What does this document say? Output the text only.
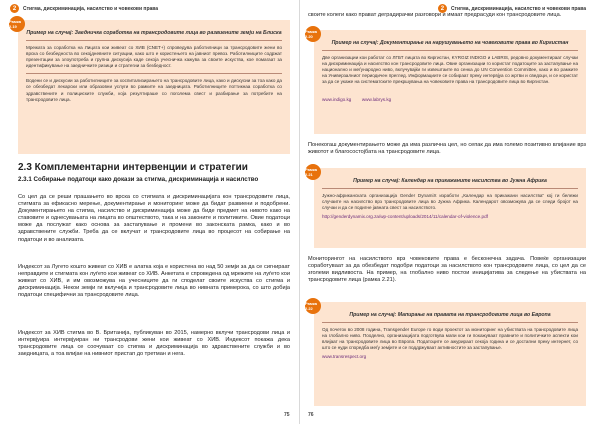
2	Стигма, дискриминација, насилство и човекови права
Рамка 2.19
Пример на случај: Заедничка соработка на трансродовите лица во развиените земји на Блиска
Мрежата за соработка на Лицата кои живеат со ХИВ (CNET+) спроведува работилници за трансродовите жени во врска со безбедноста во секојдневните ситуации, како што е користењето на јавниот превоз. Работилниците содржат презентации за злоупотреба и групна дискусија каде секоја учесничка кажува за своите искуства, кое помагаат за идентификување на заедничките ризици и стратегии за безбедност.
Водени се и дискусии за работилниците за хоспитализирањето на трансродовите лица, како и дискусии за тоа како да се обезбедат лекарски или образовни услуги во рамките на заедницата. Работилниците поттикнаа соработка со здравствените и полициските служби, која резултираше со поголема свест и разбирање за потребите на трансродовите лица.
2.3 Комплементарни интервенции и стратегии
2.3.1 Собирање податоци како докази за стигма, дискриминација и насилство
Со цел да се реши прашањето во врска со стигмата и дискриминацијата кон трансродовите лица, стигмата за ефикасно мерење, документирање и мониторинг може да бидат развиени и подобрени. Документирањето на стигма, насилство и дискриминација може да биде предмет на нивото како на ставовите и однесувањата на лицата во општеството, така и на законите и политиките. Овие податоци може да послужат како основа за застапување и промени во законската рамка, како и во здравствените служби. Треба да се вклучат и трансродовите лица во процесот на собирање на податоци и во анализата.
Индексот за Лугето кошто живеат со ХИВ е алатка која е користена во над 50 земји за да се сигнираат неправдите и стигмата кон луѓето кои живеат со ХИВ. Анкетата е спроведена од мрежите на луѓето кои живеат со ХИВ, и им овозможува на учесниците да ги споделат своите искуства со стигма и дискриминација. Некои земји ги вклучија и трансродовите лица во нивната примерока, со што добија податоци специфични за трансродовите лица.
Индексот за ХИВ стигма во В. Британија, публикуван во 2015, намерно вклучи трансродови лица и интервјуира интервјуиран ни трансродови жени кои живеат со ХИВ. Индексот покажа дека трансродовите лица се соочуваат со стигма и дискриминација во здравствените служби и во заедницата, а тоа влијае на нивниот пристап до третман и нега.
75
2	Стигма, дискриминација, насилство и човекови права
своите колеги како прават деградирачки разговори и имаат предрасуди кон трансродовите лица.
Рамка 2.20
Пример на случај: Документирање на нарушувањето на човековите права во Киргистан
Две организации кои работат со ЛГБТ лицата во Киргистан, KYRGIZ INDIGO и LABRIS, редовно документираат случаи на дискриминација и насилство кон трансродовите лица. Овие организации го користат податоците за застапување на национално и меѓународно ниво, вклучувајќи ги извештаите во сенка до UN Convention Committee, како и во рамките на Универзалниот периодичен преглед. Информациите се собираат преку интервјуа со жртви и сведоци, и се користат за да се укаже на систематските прекршувања на човековите права на трансродовите лица во Киргистан.
www.indigo.kg www.labrys.kg
Понекогаш документирањето може да има различна цел, но сепак да има големо позитивно влијание врз животот и благосостојбата на трансродовите лица.
Рамка 2.21
Пример на случај: Календар на прикажаните насилства во Јужна Африка
Јужно-африканската организација Gender DynamiX изработи „Календар на прикажани насилства“ кој ги бележи случаите на насилство врз трансродовите лица во Јужна Африка. Календарот овозможува да се следи бројот на случаи и да се подигне јавната свест за насилството.
http://genderdynamix.org.za/wp-content/uploads/2014/11/calendar-of-violence.pdf
Мониторингот на насилството врз човековите права е бесконечна задача. Повеќе организации соработуваат за да обезбедат подобри податоци за насилството кон трансродовите лица, со цел да се зголеми видливоста. На пример, на глобално ниво постои иницијатива за следење на убиствата на трансродовите лица (рамка 2.21).
Рамка 2.22
Пример на случај: Мапирање на правата на трансродовите лица во Европа
Од почеток во 2008 година, Transgender Europe го води проектот за мониторинг на убиствата на трансродовите лица на глобално ниво. Пооделно, организацијата подготвува мапи кои ги покажуваат правните и политичките аспекти кои влијаат на трансродовите лица во Европа. Податоците се ажурираат секоја година и се достапни преку интернет, со што се нуди споредба меѓу земјите и се поддржуваат активностите за застапување.
www.transrespect.org
76
